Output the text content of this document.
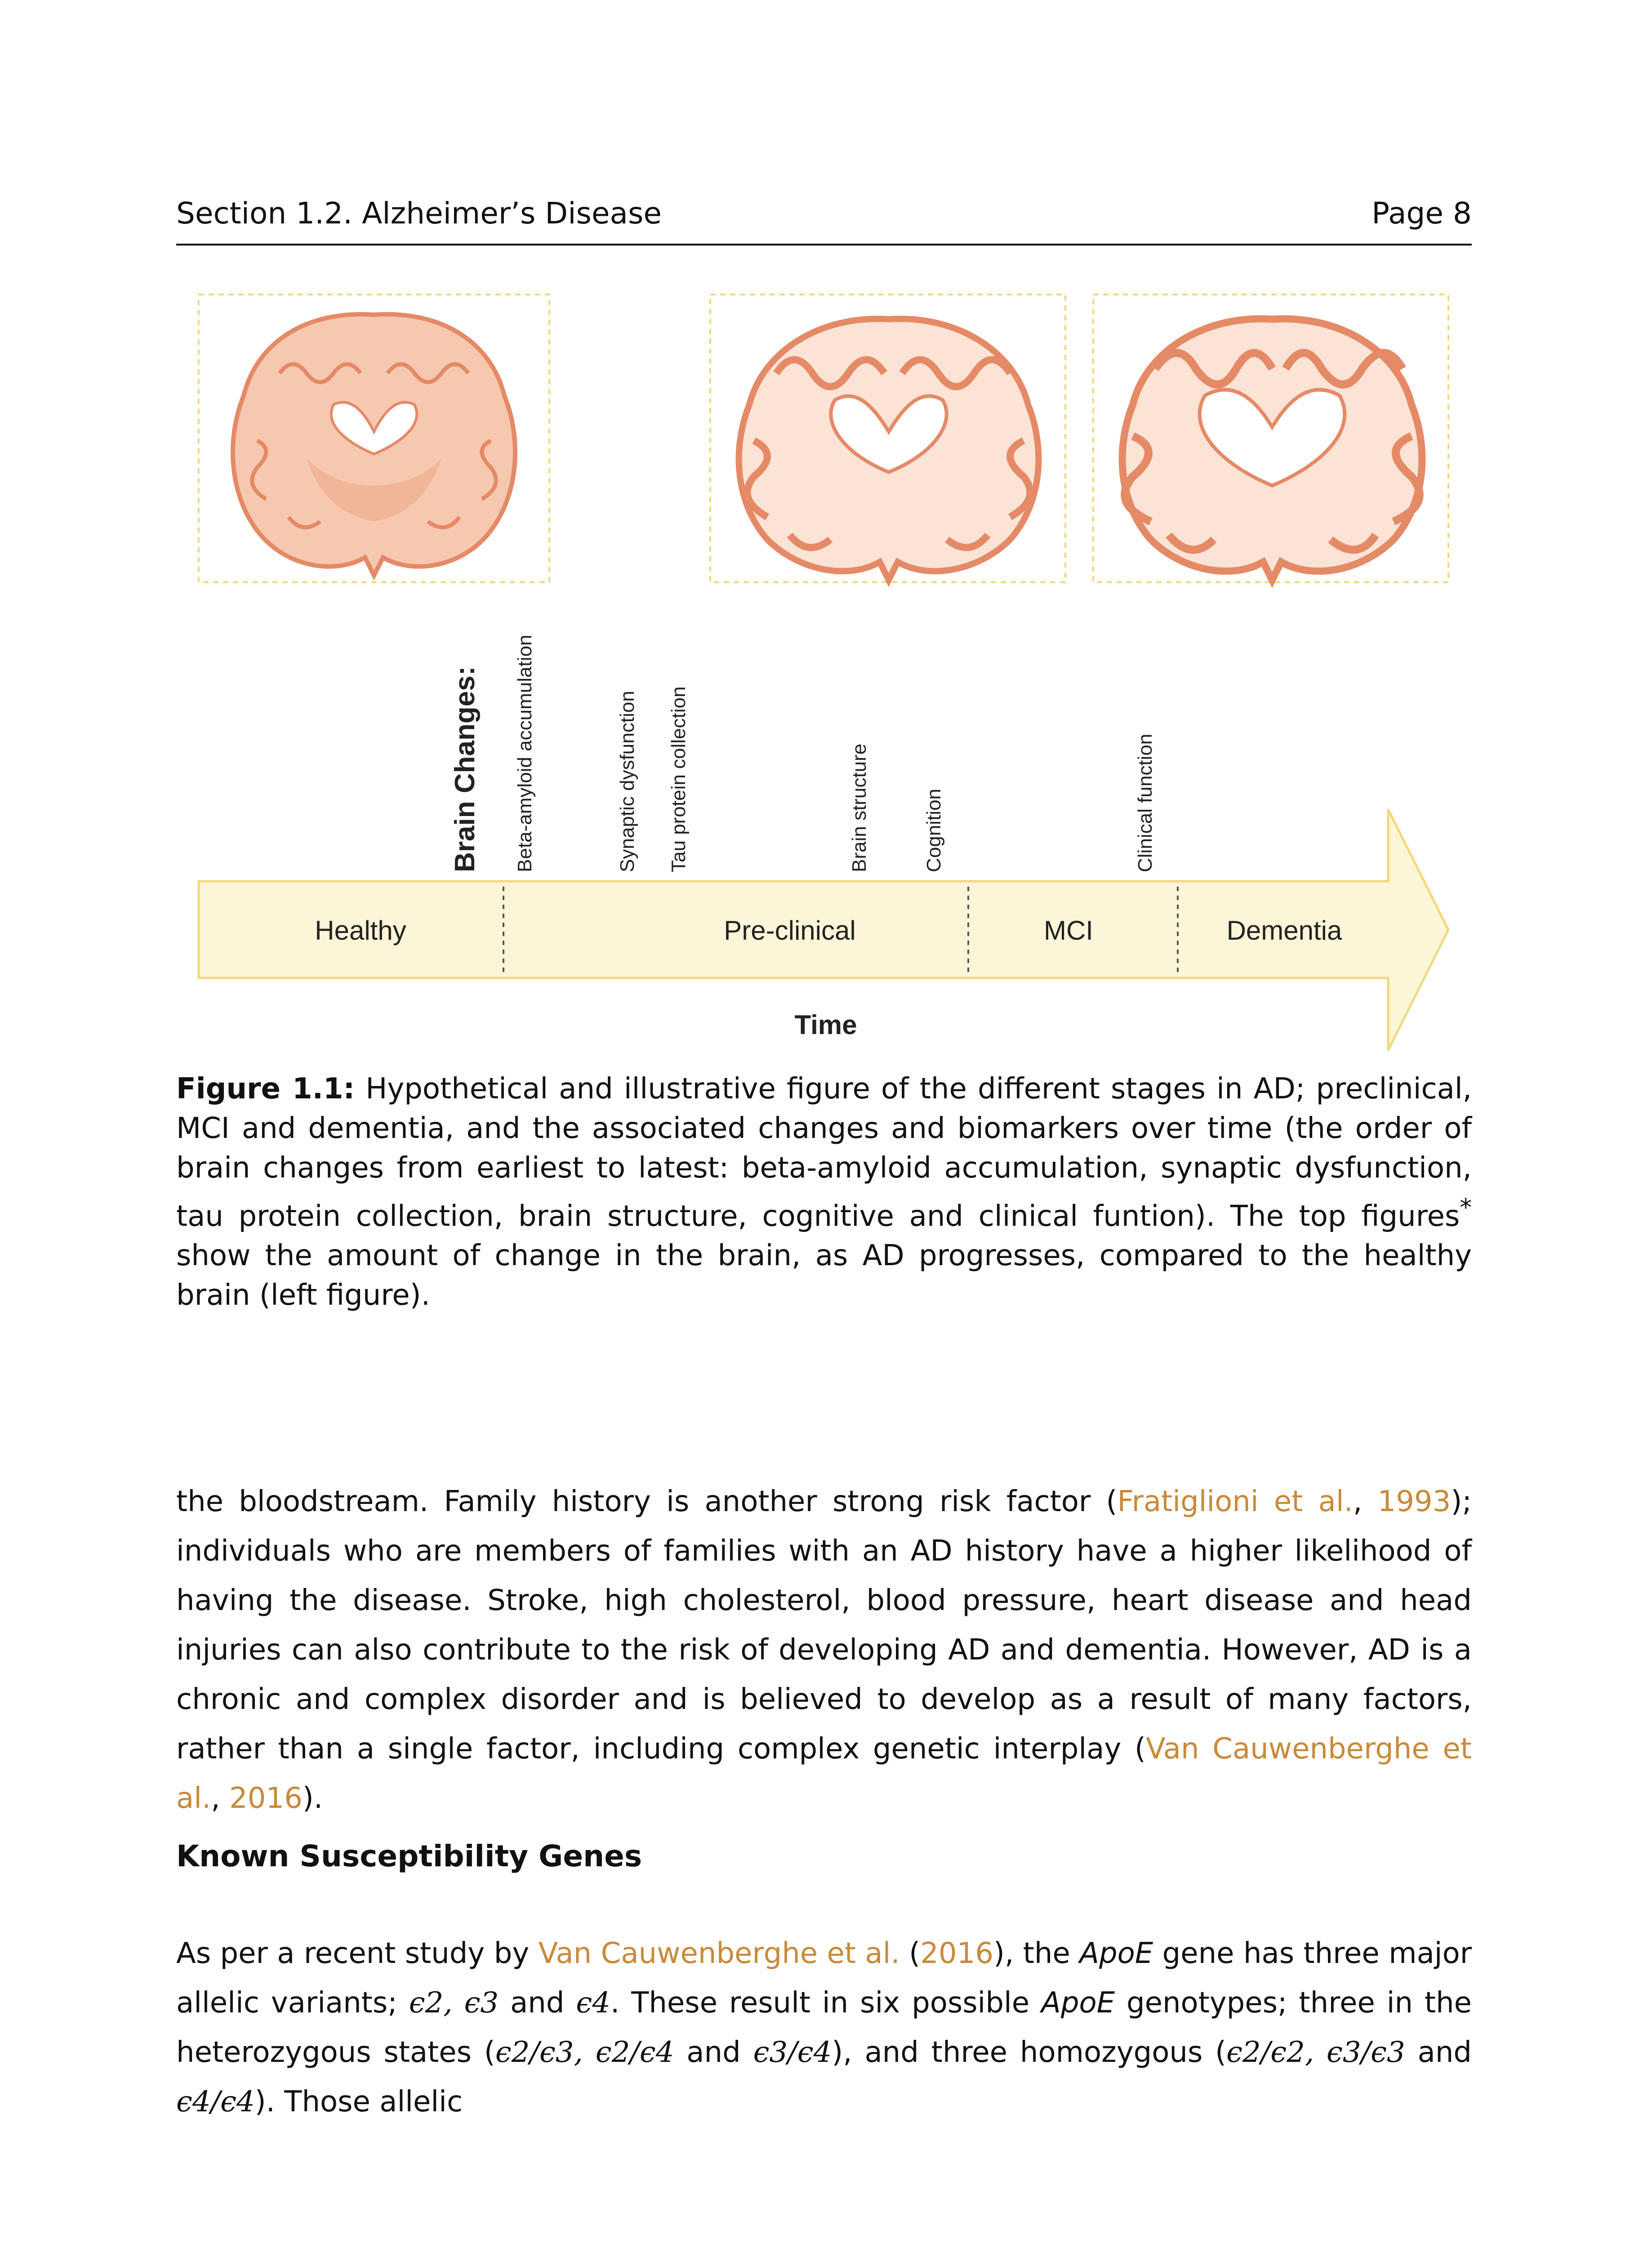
Section 1.2. Alzheimer’s Disease	Page 8
Brain Changes: Beta-amyloid accumulation	Synaptic dysfunction Tau protein collection	Brain structure	Cognition	Clinical function
Healthy	Pre-clinical	MCI	Dementia
Time
Figure 1.1: Hypothetical and illustrative figure of the different stages in AD; preclinical, MCI and dementia, and the associated changes and biomarkers over time (the order of brain changes from earliest to latest: beta-amyloid accumulation, synaptic dysfunction, tau protein collection, brain structure, cognitive and clinical funtion). The top figures* show the amount of change in the brain, as AD progresses, compared to the healthy brain (left figure).
the bloodstream. Family history is another strong risk factor (Fratiglioni et al., 1993); individuals who are members of families with an AD history have a higher likelihood of having the disease. Stroke, high cholesterol, blood pressure, heart disease and head injuries can also contribute to the risk of developing AD and dementia. However, AD is a chronic and complex disorder and is believed to develop as a result of many factors, rather than a single factor, including complex genetic interplay (Van Cauwenberghe et al., 2016).
Known Susceptibility Genes
As per a recent study by Van Cauwenberghe et al. (2016), the ApoE gene has three major allelic variants; ϵ2, ϵ3 and ϵ4. These result in six possible ApoE genotypes; three in the heterozygous states (ϵ2/ϵ3, ϵ2/ϵ4 and ϵ3/ϵ4), and three homozygous (ϵ2/ϵ2, ϵ3/ϵ3 and ϵ4/ϵ4). Those allelic
